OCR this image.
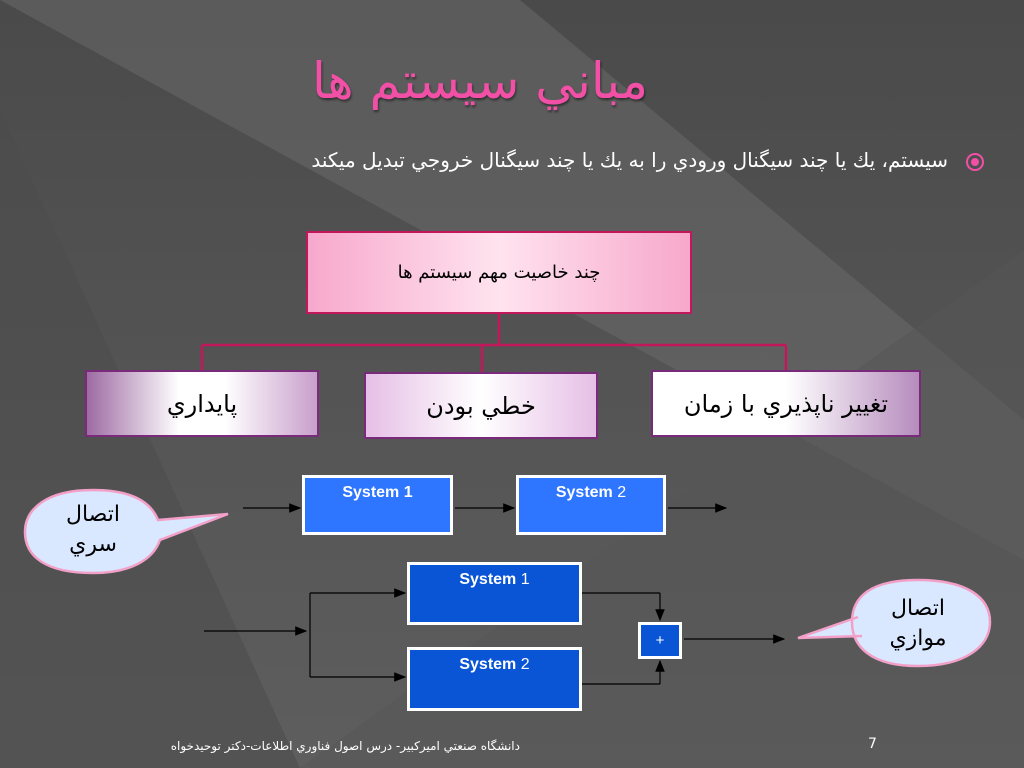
مباني سيستم ها
سيستم، يك يا چند سيگنال ورودي را به يك يا چند سيگنال خروجي تبديل ميكند
چند خاصيت مهم سيستم ها
پايداري	خطي بودن	تغيير ناپذيري با زمان
System 1	System 2
System 1
System 2
+
اتصال
سري
اتصال
موازي
دانشگاه صنعتي اميركبير- درس اصول فناوري اطلاعات-دكتر توحيدخواه	7
